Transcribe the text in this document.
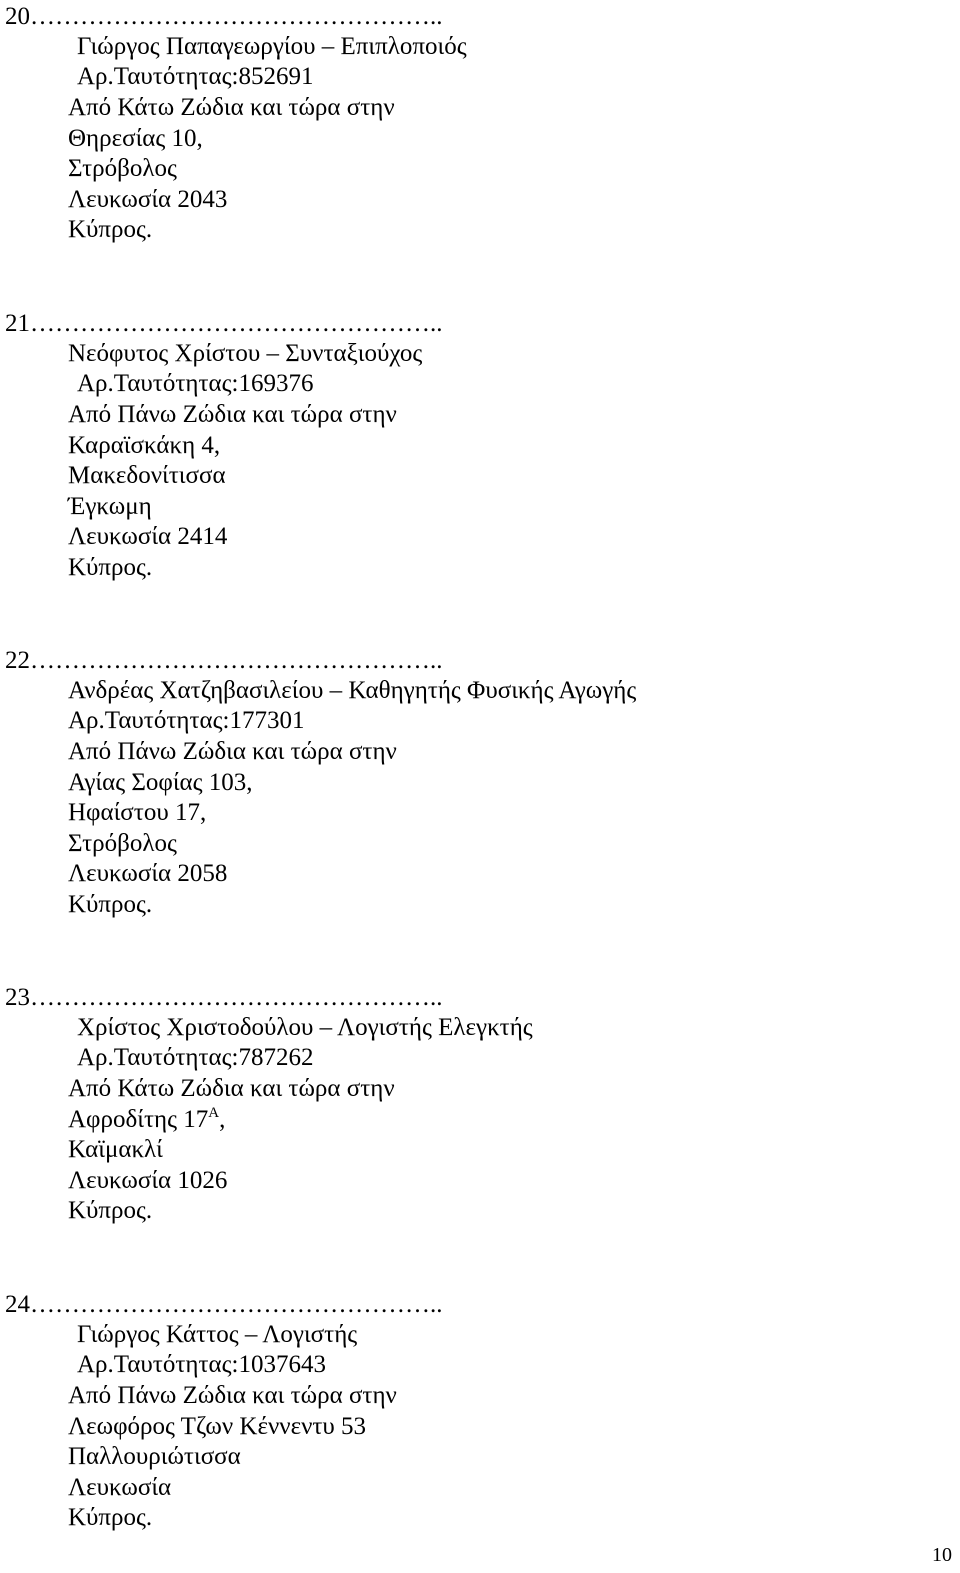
20…………………………………………..
Γιώργος Παπαγεωργίου – Επιπλοποιός
Αρ.Ταυτότητας:852691
Από Κάτω Ζώδια και τώρα στην
Θηρεσίας 10,
Στρόβολος
Λευκωσία 2043
Κύπρος.
21…………………………………………..
Νεόφυτος Χρίστου – Συνταξιούχος
Αρ.Ταυτότητας:169376
Από Πάνω Ζώδια και τώρα στην
Καραϊσκάκη 4,
Μακεδονίτισσα
Έγκωμη
Λευκωσία 2414
Κύπρος.
22…………………………………………..
Ανδρέας Χατζηβασιλείου – Καθηγητής Φυσικής Αγωγής
Αρ.Ταυτότητας:177301
Από Πάνω Ζώδια και τώρα στην
Αγίας Σοφίας 103,
Ηφαίστου 17,
Στρόβολος
Λευκωσία 2058
Κύπρος.
23…………………………………………..
Χρίστος Χριστοδούλου – Λογιστής Ελεγκτής
Αρ.Ταυτότητας:787262
Από Κάτω Ζώδια και τώρα στην
Αφροδίτης $17^A$,
Καϊμακλί
Λευκωσία 1026
Κύπρος.
24…………………………………………..
Γιώργος Κάττος – Λογιστής
Αρ.Ταυτότητας:1037643
Από Πάνω Ζώδια και τώρα στην
Λεωφόρος Τζων Κέννεντυ 53
Παλλουριώτισσα
Λευκωσία
Κύπρος.
10
